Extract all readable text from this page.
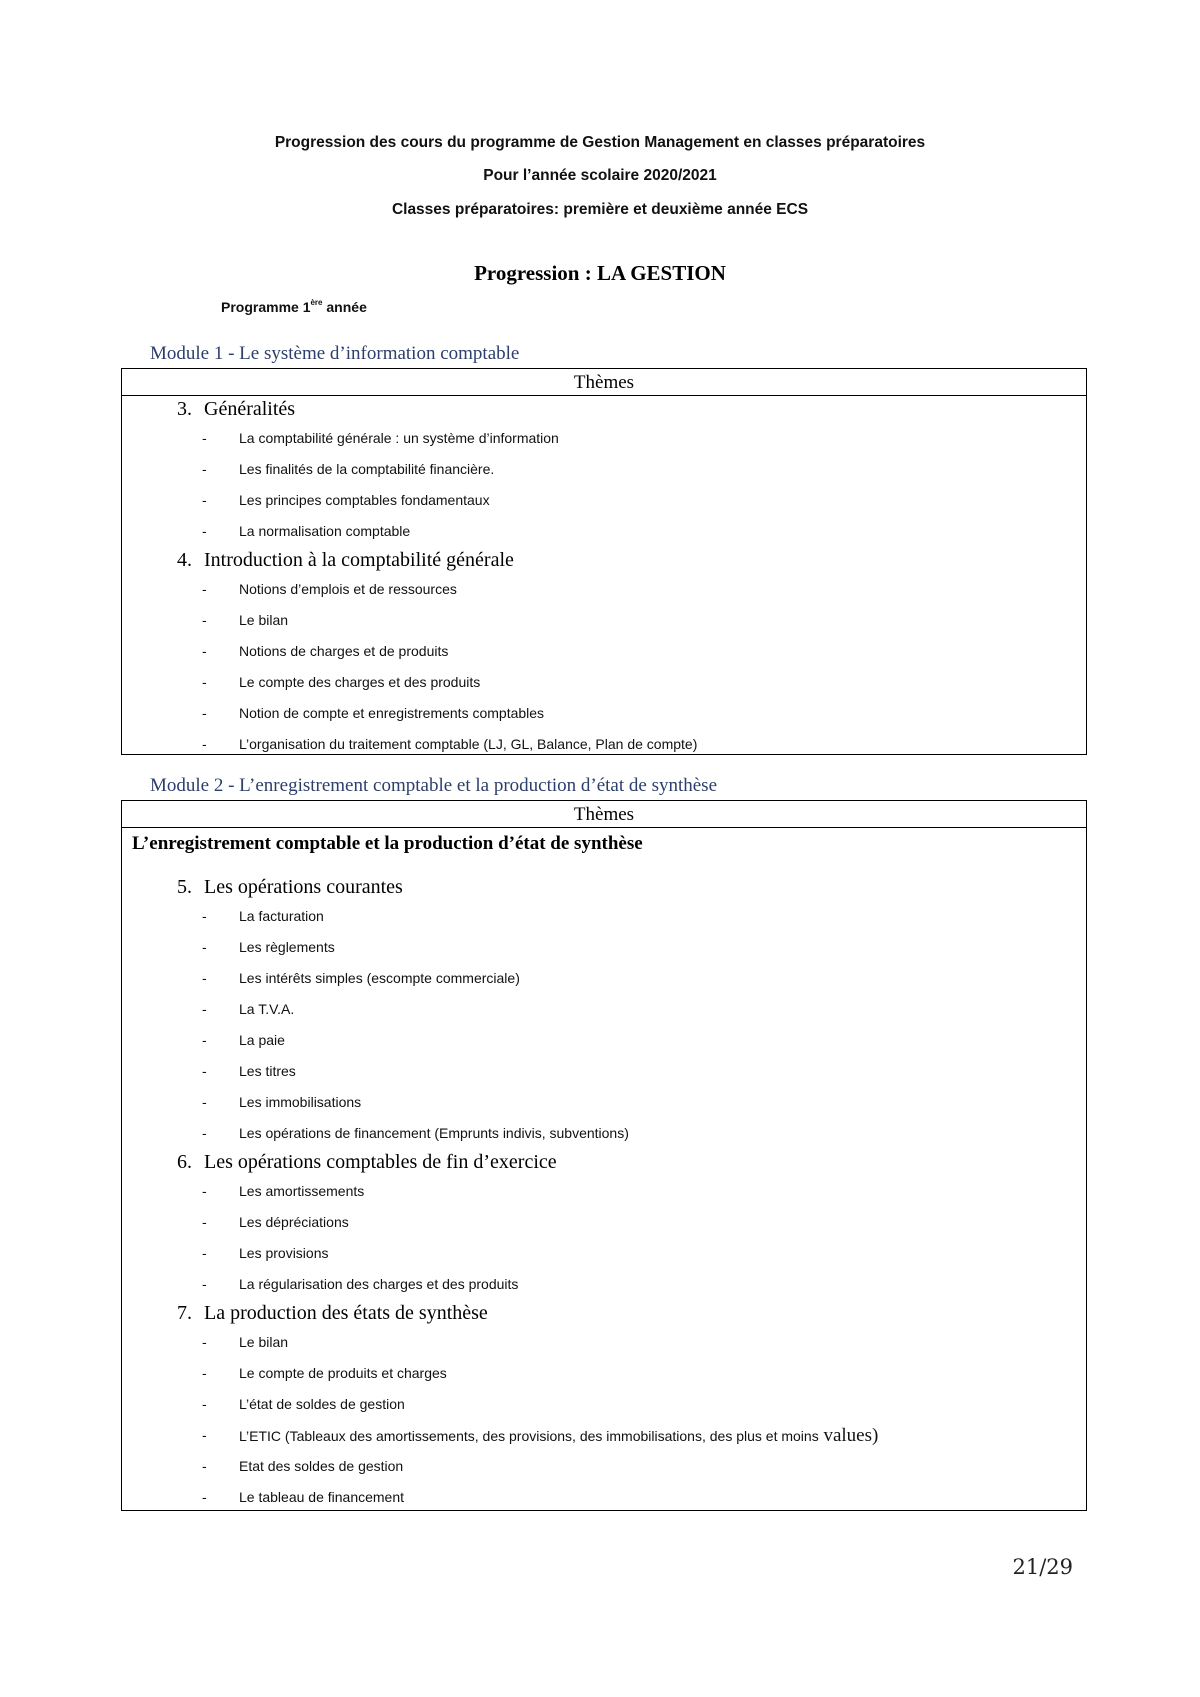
Progression des cours du programme de Gestion Management en classes préparatoires
Pour l’année scolaire 2020/2021
Classes préparatoires: première et deuxième année ECS
Progression : LA GESTION
Programme 1ère année
Module 1 - Le système d’information comptable
Thèmes
3. Généralités
- La comptabilité générale : un système d’information
- Les finalités de la comptabilité financière.
- Les principes comptables fondamentaux
- La normalisation comptable
4. Introduction à la comptabilité générale
- Notions d’emplois et de ressources
- Le bilan
- Notions de charges et de produits
- Le compte des charges et des produits
- Notion de compte et enregistrements comptables
- L’organisation du traitement comptable (LJ, GL, Balance, Plan de compte)
Module 2 - L’enregistrement comptable et la production d’état de synthèse
Thèmes
L’enregistrement comptable et la production d’état de synthèse
5. Les opérations courantes
- La facturation
- Les règlements
- Les intérêts simples (escompte commerciale)
- La T.V.A.
- La paie
- Les titres
- Les immobilisations
- Les opérations de financement (Emprunts indivis, subventions)
6. Les opérations comptables de fin d’exercice
- Les amortissements
- Les dépréciations
- Les provisions
- La régularisation des charges et des produits
7. La production des états de synthèse
- Le bilan
- Le compte de produits et charges
- L’état de soldes de gestion
- L’ETIC (Tableaux des amortissements, des provisions, des immobilisations, des plus et moins values)
- Etat des soldes de gestion
- Le tableau de financement
21/29
